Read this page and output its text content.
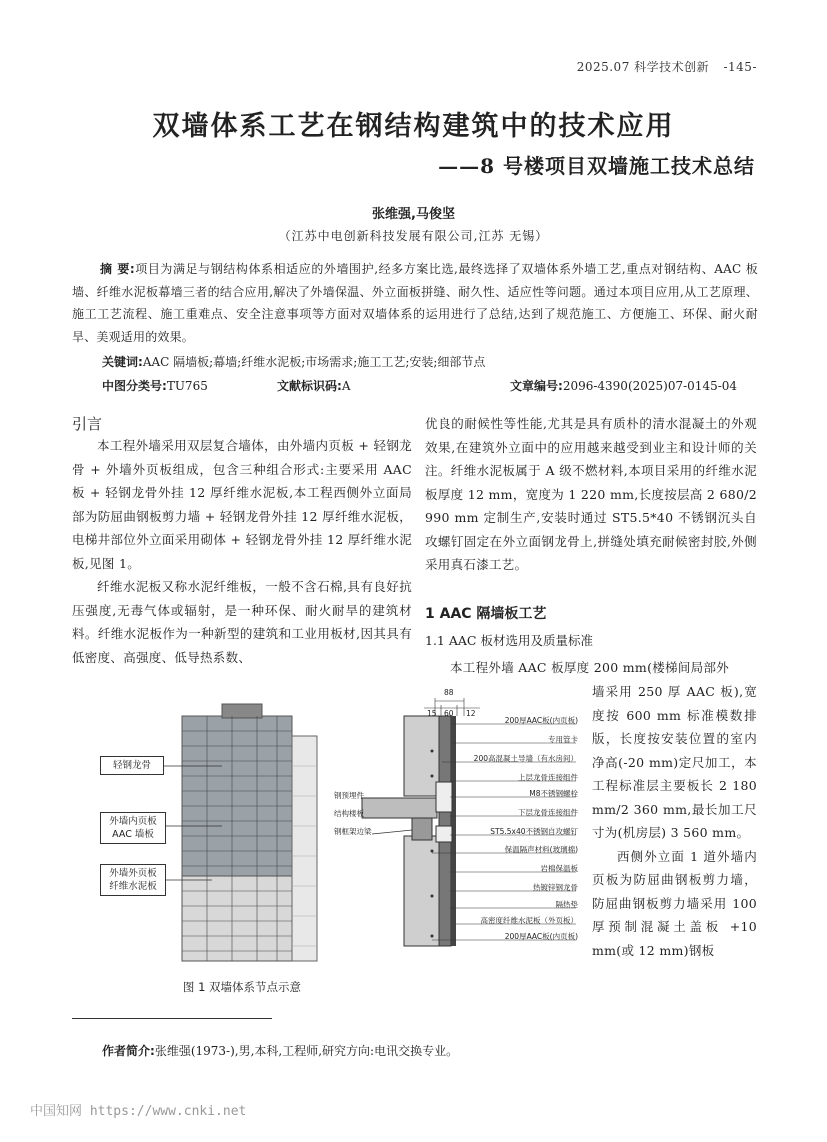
2025.07 科学技术创新 -145-
双墙体系工艺在钢结构建筑中的技术应用
——8 号楼项目双墙施工技术总结
张维强,马俊坚
（江苏中电创新科技发展有限公司,江苏 无锡）
摘 要:项目为满足与钢结构体系相适应的外墙围护,经多方案比选,最终选择了双墙体系外墙工艺,重点对钢结构、AAC 板墙、纤维水泥板幕墙三者的结合应用,解决了外墙保温、外立面板拼缝、耐久性、适应性等问题。通过本项目应用,从工艺原理、施工工艺流程、施工重难点、安全注意事项等方面对双墙体系的运用进行了总结,达到了规范施工、方便施工、环保、耐火耐旱、美观适用的效果。
关键词:AAC 隔墙板;幕墙;纤维水泥板;市场需求;施工工艺;安装;细部节点
中图分类号:TU765	文献标识码:A	文章编号:2096-4390(2025)07-0145-04
引言

本工程外墙采用双层复合墙体，由外墙内页板 + 轻钢龙骨 + 外墙外页板组成，包含三种组合形式:主要采用 AAC 板 + 轻钢龙骨外挂 12 厚纤维水泥板,本工程西侧外立面局部为防屈曲钢板剪力墙 + 轻钢龙骨外挂 12 厚纤维水泥板，电梯井部位外立面采用砌体 + 轻钢龙骨外挂 12 厚纤维水泥板,见图 1。

纤维水泥板又称水泥纤维板，一般不含石棉,具有良好抗压强度,无毒气体或辐射，是一种环保、耐火耐旱的建筑材料。纤维水泥板作为一种新型的建筑和工业用板材,因其具有低密度、高强度、低导热系数、

优良的耐候性等性能,尤其是具有质朴的清水混凝土的外观效果,在建筑外立面中的应用越来越受到业主和设计师的关注。纤维水泥板属于 A 级不燃材料,本项目采用的纤维水泥板厚度 12 mm，宽度为 1 220 mm,长度按层高 2 680/2 990 mm 定制生产,安装时通过 ST5.5*40 不锈钢沉头自攻螺钉固定在外立面钢龙骨上,拼缝处填充耐候密封胶,外侧采用真石漆工艺。

1 AAC 隔墙板工艺
1.1 AAC 板材选用及质量标准

本工程外墙 AAC 板厚度 200 mm(楼梯间局部外

墙采用 250 厚 AAC 板),宽度按 600 mm 标准模数排版，长度按安装位置的室内净高(-20 mm)定尺加工，本工程标准层主要板长 2 180 mm/2 360 mm,最长加工尺寸为(机房层) 3 560 mm。

西侧外立面 1 道外墙内页板为防屈曲钢板剪力墙，防屈曲钢板剪力墙采用 100 厚预制混凝土盖板 +10 mm(或 12 mm)钢板

轻钢龙骨
外墙内页板
AAC 墙板
外墙外页板
纤维水泥板
钢预埋件
结构楼板
钢框架边梁
88
15 60 12
200厚AAC板(内页板)
专用管卡
200高混凝土导墙（有水房间）
上层龙骨连接组件
M8不锈钢螺栓
下层龙骨连接组件
ST5.5x40不锈钢自攻螺钉
保温隔声材料(玻璃棉)
岩棉保温板
热镀锌钢龙骨
隔热垫
高密度纤维水泥板（外页板）
200厚AAC板(内页板)
图 1 双墙体系节点示意
作者简介:张维强(1973-),男,本科,工程师,研究方向:电讯交换专业。
中国知网 https://www.cnki.net
